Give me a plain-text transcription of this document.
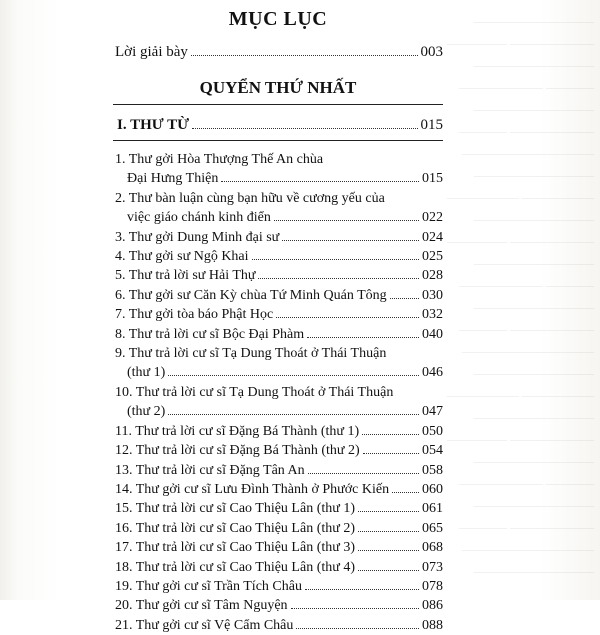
——————————
——————— —————
——————————
———— ———————
——————————
——————— ————
———————————
——————————
—————— ——————
——————————
——————— —————
——————————
———— ———————
——————————
——————— ————
———————————
——————————
—————— ——————
——————————
——————— —————
——————————
———— ———————
——————————
——————— ————
———————————
——————————
MỤC LỤC
Lời giải bày	003
QUYỂN THỨ NHẤT
I. THƯ TỪ	015
1. Thư gởi Hòa Thượng Thế An chùa
Đại Hưng Thiện	015
2. Thư bàn luận cùng bạn hữu về cương yếu của
việc giáo chánh kinh điển	022
3. Thư gởi Dung Minh đại sư	024
4. Thư gởi sư Ngộ Khai	025
5. Thư trả lời sư Hải Thự	028
6. Thư gởi sư Căn Kỳ chùa Tứ Minh Quán Tông	030
7. Thư gởi tòa báo Phật Học	032
8. Thư trả lời cư sĩ Bộc Đại Phàm	040
9. Thư trả lời cư sĩ Tạ Dung Thoát ở Thái Thuận
(thư 1)	046
10. Thư trả lời cư sĩ Tạ Dung Thoát ở Thái Thuận
(thư 2)	047
11. Thư trả lời cư sĩ Đặng Bá Thành (thư 1)	050
12. Thư trả lời cư sĩ Đặng Bá Thành (thư 2)	054
13. Thư trả lời cư sĩ Đặng Tân An	058
14. Thư gởi cư sĩ Lưu Đình Thành ở Phước Kiến 060
15. Thư trả lời cư sĩ Cao Thiệu Lân (thư 1)	061
16. Thư trả lời cư sĩ Cao Thiệu Lân (thư 2)	065
17. Thư trả lời cư sĩ Cao Thiệu Lân (thư 3)	068
18. Thư trả lời cư sĩ Cao Thiệu Lân (thư 4)	073
19. Thư gởi cư sĩ Trần Tích Châu	078
20. Thư gởi cư sĩ Tâm Nguyện	086
21. Thư gởi cư sĩ Vệ Cẩm Châu	088
